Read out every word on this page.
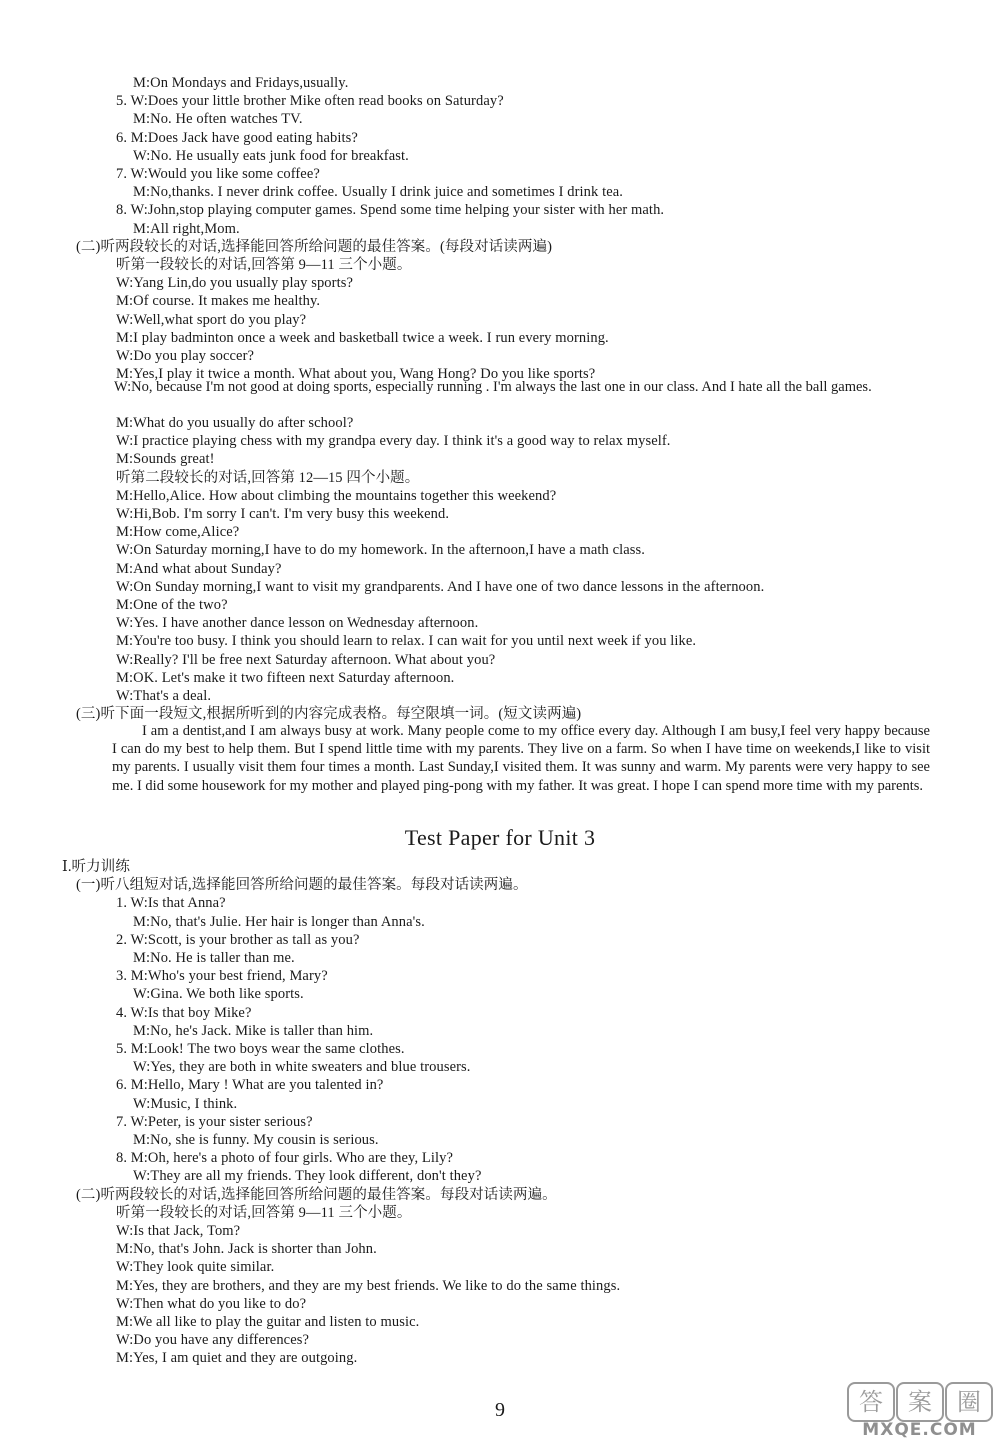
M:On Mondays and Fridays,usually.
5. W:Does your little brother Mike often read books on Saturday?
M:No. He often watches TV.
6. M:Does Jack have good eating habits?
W:No. He usually eats junk food for breakfast.
7. W:Would you like some coffee?
M:No,thanks. I never drink coffee. Usually I drink juice and sometimes I drink tea.
8. W:John,stop playing computer games. Spend some time helping your sister with her math.
M:All right,Mom.
(二)听两段较长的对话,选择能回答所给问题的最佳答案。(每段对话读两遍)
听第一段较长的对话,回答第 9—11 三个小题。
W:Yang Lin,do you usually play sports?
M:Of course. It makes me healthy.
W:Well,what sport do you play?
M:I play badminton once a week and basketball twice a week. I run every morning.
W:Do you play soccer?
M:Yes,I play it twice a month. What about you, Wang Hong? Do you like sports?
W:No, because I'm not good at doing sports, especially running . I'm always the last one in our class. And I hate all the ball games.
M:What do you usually do after school?
W:I practice playing chess with my grandpa every day. I think it's a good way to relax myself.
M:Sounds great!
听第二段较长的对话,回答第 12—15 四个小题。
M:Hello,Alice. How about climbing the mountains together this weekend?
W:Hi,Bob. I'm sorry I can't. I'm very busy this weekend.
M:How come,Alice?
W:On Saturday morning,I have to do my homework. In the afternoon,I have a math class.
M:And what about Sunday?
W:On Sunday morning,I want to visit my grandparents. And I have one of two dance lessons in the afternoon.
M:One of the two?
W:Yes. I have another dance lesson on Wednesday afternoon.
M:You're too busy. I think you should learn to relax. I can wait for you until next week if you like.
W:Really? I'll be free next Saturday afternoon. What about you?
M:OK. Let's make it two fifteen next Saturday afternoon.
W:That's a deal.
(三)听下面一段短文,根据所听到的内容完成表格。每空限填一词。(短文读两遍)
I am a dentist,and I am always busy at work. Many people come to my office every day. Although I am busy,I feel very happy because I can do my best to help them. But I spend little time with my parents. They live on a farm. So when I have time on weekends,I like to visit my parents. I usually visit them four times a month. Last Sunday,I visited them. It was sunny and warm. My parents were very happy to see me. I did some housework for my mother and played ping-pong with my father. It was great. I hope I can spend more time with my parents.
Test Paper for Unit 3
Ⅰ.听力训练
(一)听八组短对话,选择能回答所给问题的最佳答案。每段对话读两遍。
1. W:Is that Anna?
M:No, that's Julie. Her hair is longer than Anna's.
2. W:Scott, is your brother as tall as you?
M:No. He is taller than me.
3. M:Who's your best friend, Mary?
W:Gina. We both like sports.
4. W:Is that boy Mike?
M:No, he's Jack. Mike is taller than him.
5. M:Look! The two boys wear the same clothes.
W:Yes, they are both in white sweaters and blue trousers.
6. M:Hello, Mary ! What are you talented in?
W:Music, I think.
7. W:Peter, is your sister serious?
M:No, she is funny. My cousin is serious.
8. M:Oh, here's a photo of four girls. Who are they, Lily?
W:They are all my friends. They look different, don't they?
(二)听两段较长的对话,选择能回答所给问题的最佳答案。每段对话读两遍。
听第一段较长的对话,回答第 9—11 三个小题。
W:Is that Jack, Tom?
M:No, that's John. Jack is shorter than John.
W:They look quite similar.
M:Yes, they are brothers, and they are my best friends. We like to do the same things.
W:Then what do you like to do?
M:We all like to play the guitar and listen to music.
W:Do you have any differences?
M:Yes, I am quiet and they are outgoing.
9	答	案	圈
MXQE.COM
